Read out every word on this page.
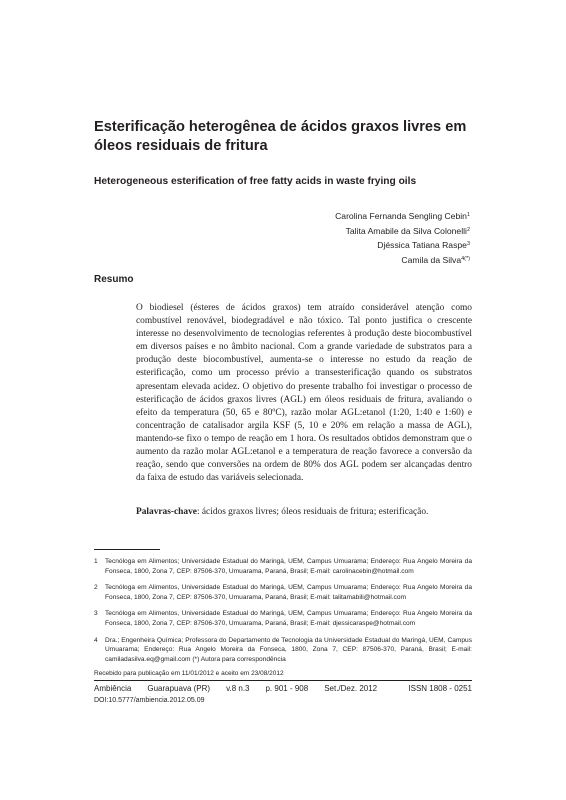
Esterificação heterogênea de ácidos graxos livres em óleos residuais de fritura
Heterogeneous esterification of free fatty acids in waste frying oils
Carolina Fernanda Sengling Cebin$^1$
Talita Amabile da Silva Colonelli$^2$
Djéssica Tatiana Raspe$^3$
Camila da Silva$^{4(*)}$
Resumo

O biodiesel (ésteres de ácidos graxos) tem atraído considerável atenção como combustível renovável, biodegradável e não tóxico. Tal ponto justifica o crescente interesse no desenvolvimento de tecnologias referentes à produção deste biocombustível em diversos países e no âmbito nacional. Com a grande variedade de substratos para a produção deste biocombustível, aumenta-se o interesse no estudo da reação de esterificação, como um processo prévio a transesterificação quando os substratos apresentam elevada acidez. O objetivo do presente trabalho foi investigar o processo de esterificação de ácidos graxos livres (AGL) em óleos residuais de fritura, avaliando o efeito da temperatura (50, 65 e 80ºC), razão molar AGL:etanol (1:20, 1:40 e 1:60) e concentração de catalisador argila KSF (5, 10 e 20% em relação a massa de AGL), mantendo-se fixo o tempo de reação em 1 hora. Os resultados obtidos demonstram que o aumento da razão molar AGL:etanol e a temperatura de reação favorece a conversão da reação, sendo que conversões na ordem de 80% dos AGL podem ser alcançadas dentro da faixa de estudo das variáveis selecionada.

Palavras-chave: ácidos graxos livres; óleos residuais de fritura; esterificação.

1	Tecnóloga em Alimentos; Universidade Estadual do Maringá, UEM, Campus Umuarama; Endereço: Rua Angelo Moreira da Fonseca, 1800, Zona 7, CEP: 87506-370, Umuarama, Paraná, Brasil; E-mail: carolinacebin@hotmail.com
2	Tecnóloga em Alimentos, Universidade Estadual do Maringá, UEM, Campus Umuarama; Endereço: Rua Angelo Moreira da Fonseca, 1800, Zona 7, CEP: 87506-370, Umuarama, Paraná, Brasil; E-mail: talitamabili@hotmail.com
3	Tecnóloga em Alimentos, Universidade Estadual do Maringá, UEM, Campus Umuarama; Endereço: Rua Angelo Moreira da Fonseca, 1800, Zona 7, CEP: 87506-370, Umuarama, Paraná, Brasil; E-mail: djessicaraspe@hotmail.com
4	Dra.; Engenheira Química; Professora do Departamento de Tecnologia da Universidade Estadual do Maringá, UEM, Campus Umuarama; Endereço: Rua Angelo Moreira da Fonseca, 1800, Zona 7, CEP: 87506-370, Paraná, Brasil; E-mail: camiladasilva.eq@gmail.com (*) Autora para correspondência
Recebido para publicação em 11/01/2012 e aceito em 23/08/2012
Ambiência Guarapuava (PR) v.8 n.3 p. 901 - 908 Set./Dez. 2012	ISSN 1808 - 0251
DOI:10.5777/ambiencia.2012.05.09
